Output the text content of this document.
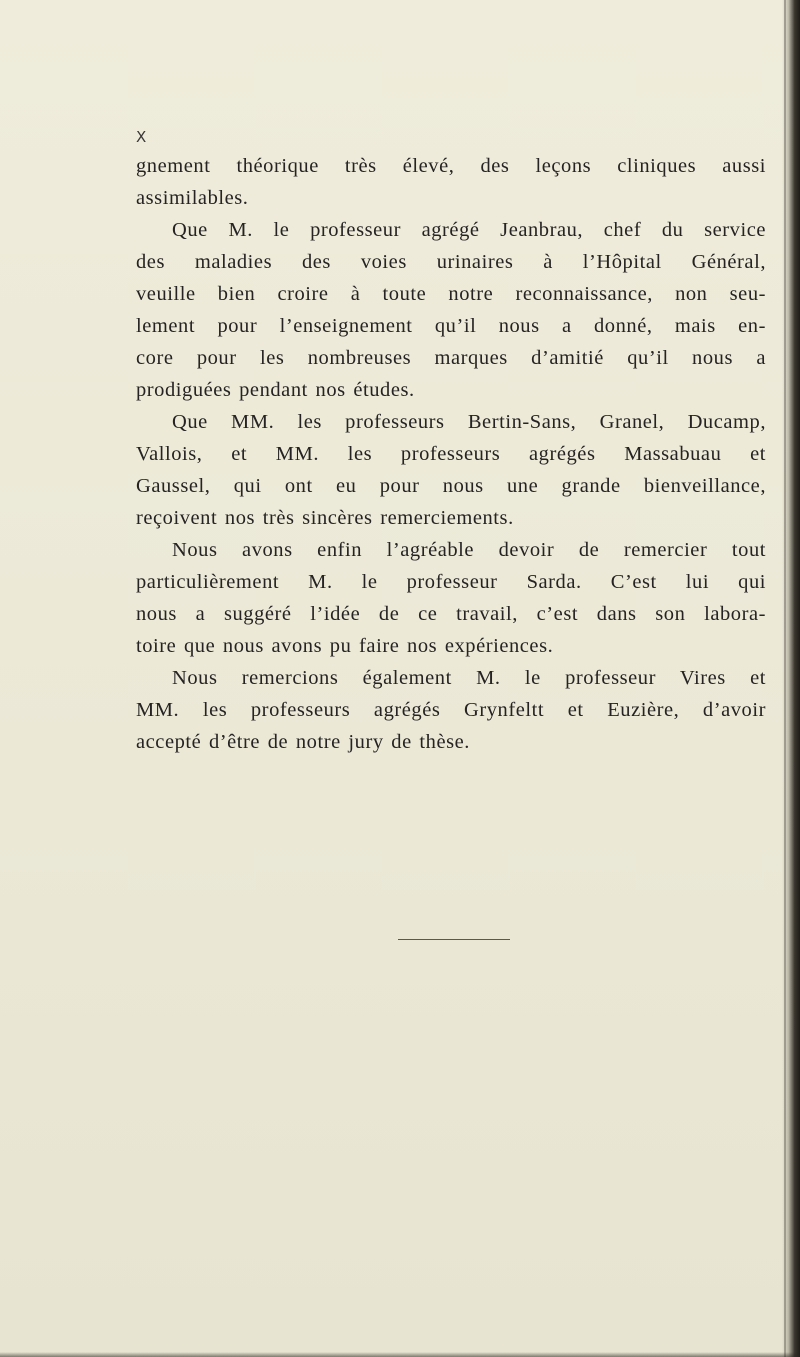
X
gnement théorique très élevé, des leçons cliniques aussi
assimilables.
Que M. le professeur agrégé Jeanbrau, chef du service
des maladies des voies urinaires à l’Hôpital Général,
veuille bien croire à toute notre reconnaissance, non seu-
lement pour l’enseignement qu’il nous a donné, mais en-
core pour les nombreuses marques d’amitié qu’il nous a
prodiguées pendant nos études.
Que MM. les professeurs Bertin-Sans, Granel, Ducamp,
Vallois, et MM. les professeurs agrégés Massabuau et
Gaussel, qui ont eu pour nous une grande bienveillance,
reçoivent nos très sincères remerciements.
Nous avons enfin l’agréable devoir de remercier tout
particulièrement M. le professeur Sarda. C’est lui qui
nous a suggéré l’idée de ce travail, c’est dans son labora-
toire que nous avons pu faire nos expériences.
Nous remercions également M. le professeur Vires et
MM. les professeurs agrégés Grynfeltt et Euzière, d’avoir
accepté d’être de notre jury de thèse.
